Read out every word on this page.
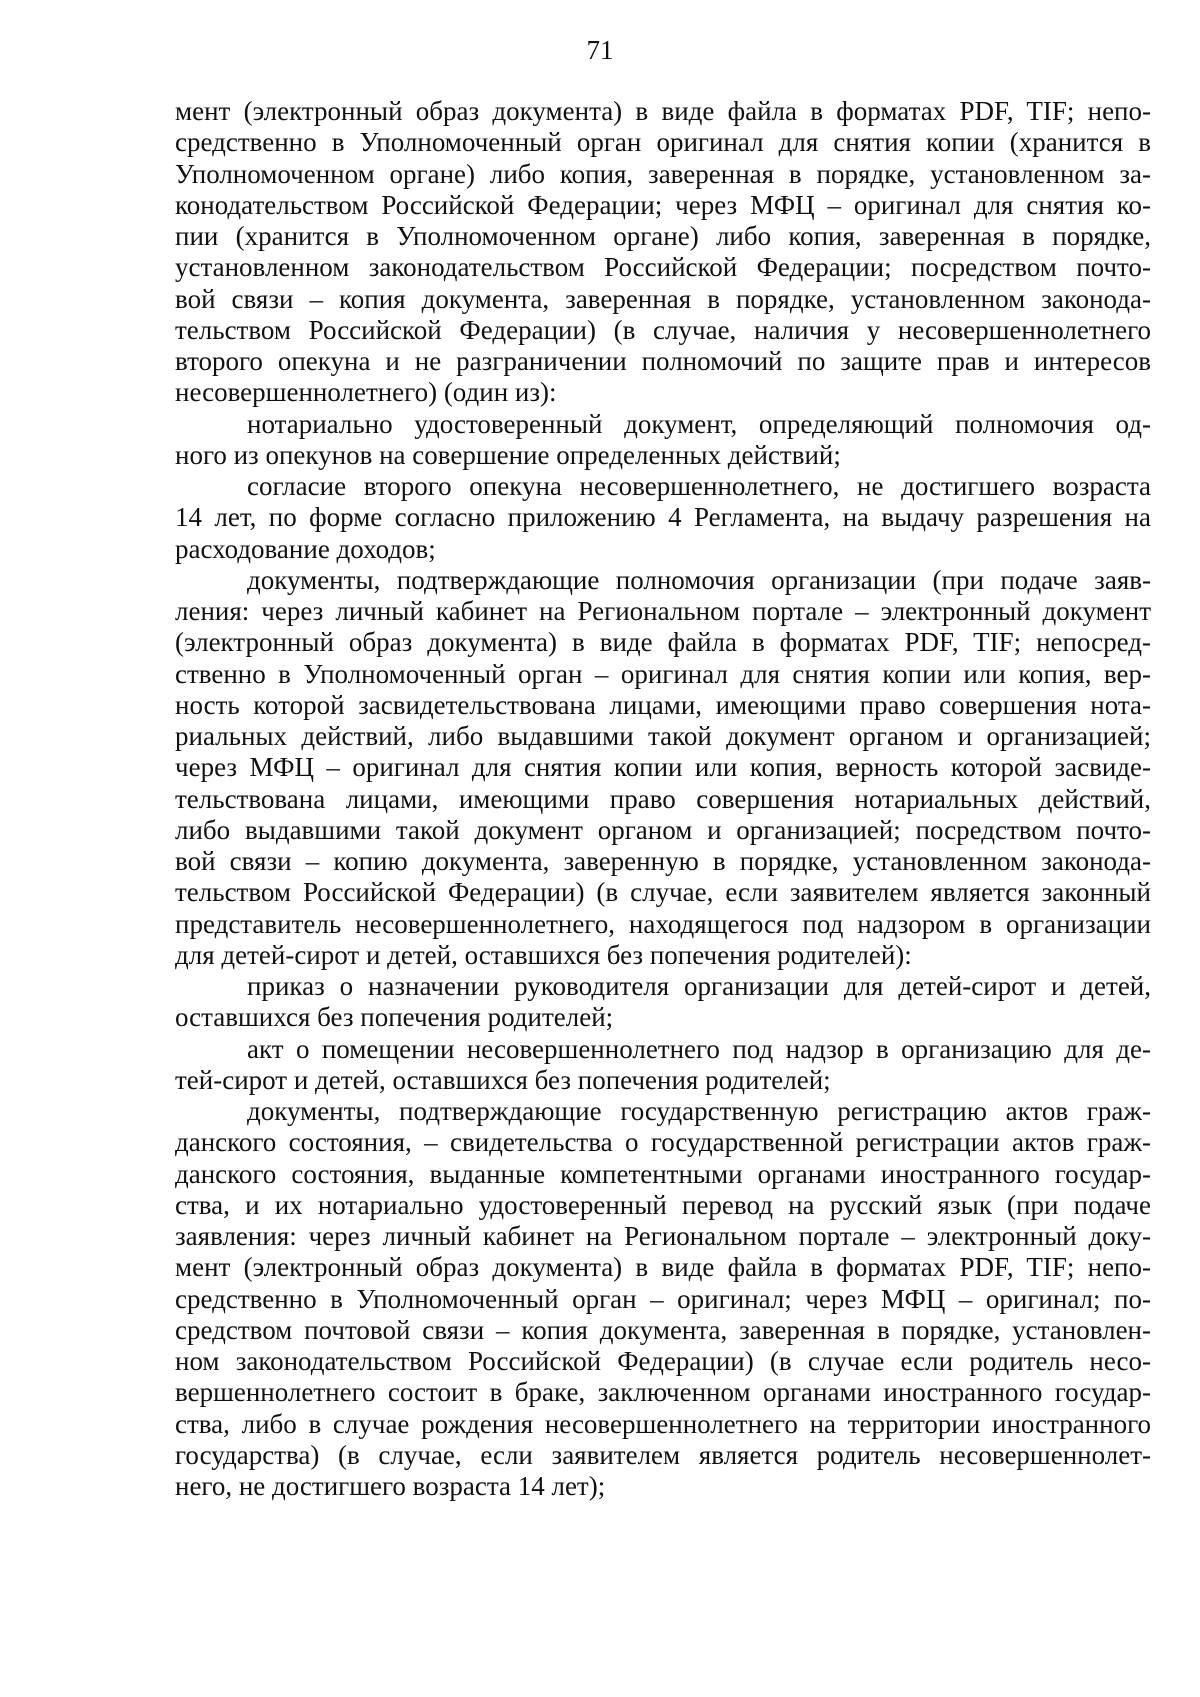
71
мент (электронный образ документа) в виде файла в форматах PDF, TIF; непо-
средственно в Уполномоченный орган оригинал для снятия копии (хранится в
Уполномоченном органе) либо копия, заверенная в порядке, установленном за-
конодательством Российской Федерации; через МФЦ – оригинал для снятия ко-
пии (хранится в Уполномоченном органе) либо копия, заверенная в порядке,
установленном законодательством Российской Федерации; посредством почто-
вой связи – копия документа, заверенная в порядке, установленном законода-
тельством Российской Федерации) (в случае, наличия у несовершеннолетнего
второго опекуна и не разграничении полномочий по защите прав и интересов
несовершеннолетнего) (один из):
нотариально удостоверенный документ, определяющий полномочия од-
ного из опекунов на совершение определенных действий;
согласие второго опекуна несовершеннолетнего, не достигшего возраста
14 лет, по форме согласно приложению 4 Регламента, на выдачу разрешения на
расходование доходов;
документы, подтверждающие полномочия организации (при подаче заяв-
ления: через личный кабинет на Региональном портале – электронный документ
(электронный образ документа) в виде файла в форматах PDF, TIF; непосред-
ственно в Уполномоченный орган – оригинал для снятия копии или копия, вер-
ность которой засвидетельствована лицами, имеющими право совершения нота-
риальных действий, либо выдавшими такой документ органом и организацией;
через МФЦ – оригинал для снятия копии или копия, верность которой засвиде-
тельствована лицами, имеющими право совершения нотариальных действий,
либо выдавшими такой документ органом и организацией; посредством почто-
вой связи – копию документа, заверенную в порядке, установленном законода-
тельством Российской Федерации) (в случае, если заявителем является законный
представитель несовершеннолетнего, находящегося под надзором в организации
для детей-сирот и детей, оставшихся без попечения родителей):
приказ о назначении руководителя организации для детей-сирот и детей,
оставшихся без попечения родителей;
акт о помещении несовершеннолетнего под надзор в организацию для де-
тей-сирот и детей, оставшихся без попечения родителей;
документы, подтверждающие государственную регистрацию актов граж-
данского состояния, – свидетельства о государственной регистрации актов граж-
данского состояния, выданные компетентными органами иностранного государ-
ства, и их нотариально удостоверенный перевод на русский язык (при подаче
заявления: через личный кабинет на Региональном портале – электронный доку-
мент (электронный образ документа) в виде файла в форматах PDF, TIF; непо-
средственно в Уполномоченный орган – оригинал; через МФЦ – оригинал; по-
средством почтовой связи – копия документа, заверенная в порядке, установлен-
ном законодательством Российской Федерации) (в случае если родитель несо-
вершеннолетнего состоит в браке, заключенном органами иностранного государ-
ства, либо в случае рождения несовершеннолетнего на территории иностранного
государства) (в случае, если заявителем является родитель несовершеннолет-
него, не достигшего возраста 14 лет);
